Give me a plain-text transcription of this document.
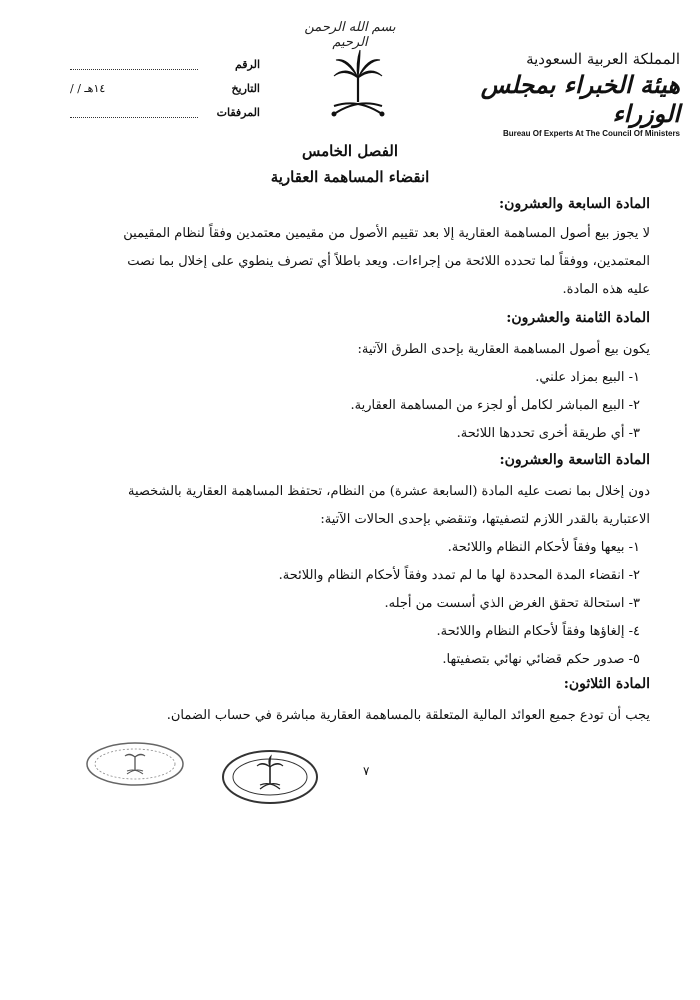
بسم الله الرحمن الرحيم
الرقم
التاريخ
/ / ١٤هـ
المرفقات
المملكة العربية السعودية
هيئة الخبراء بمجلس الوزراء
Bureau Of Experts At The Council Of Ministers
الفصل الخامس
انقضاء المساهمة العقارية
المادة السابعة والعشرون:
لا يجوز بيع أصول المساهمة العقارية إلا بعد تقييم الأصول من مقيمين معتمدين وفقاً لنظام المقيمين
المعتمدين، ووفقاً لما تحدده اللائحة من إجراءات. ويعد باطلاً أي تصرف ينطوي على إخلال بما نصت
عليه هذه المادة.
المادة الثامنة والعشرون:
يكون بيع أصول المساهمة العقارية بإحدى الطرق الآتية:
١- البيع بمزاد علني.
٢- البيع المباشر لكامل أو لجزء من المساهمة العقارية.
٣- أي طريقة أخرى تحددها اللائحة.
المادة التاسعة والعشرون:
دون إخلال بما نصت عليه المادة (السابعة عشرة) من النظام، تحتفظ المساهمة العقارية بالشخصية
الاعتبارية بالقدر اللازم لتصفيتها، وتنقضي بإحدى الحالات الآتية:
١- بيعها وفقاً لأحكام النظام واللائحة.
٢- انقضاء المدة المحددة لها ما لم تمدد وفقاً لأحكام النظام واللائحة.
٣- استحالة تحقق الغرض الذي أسست من أجله.
٤- إلغاؤها وفقاً لأحكام النظام واللائحة.
٥- صدور حكم قضائي نهائي بتصفيتها.
المادة الثلاثون:
يجب أن تودع جميع العوائد المالية المتعلقة بالمساهمة العقارية مباشرة في حساب الضمان.
٧
